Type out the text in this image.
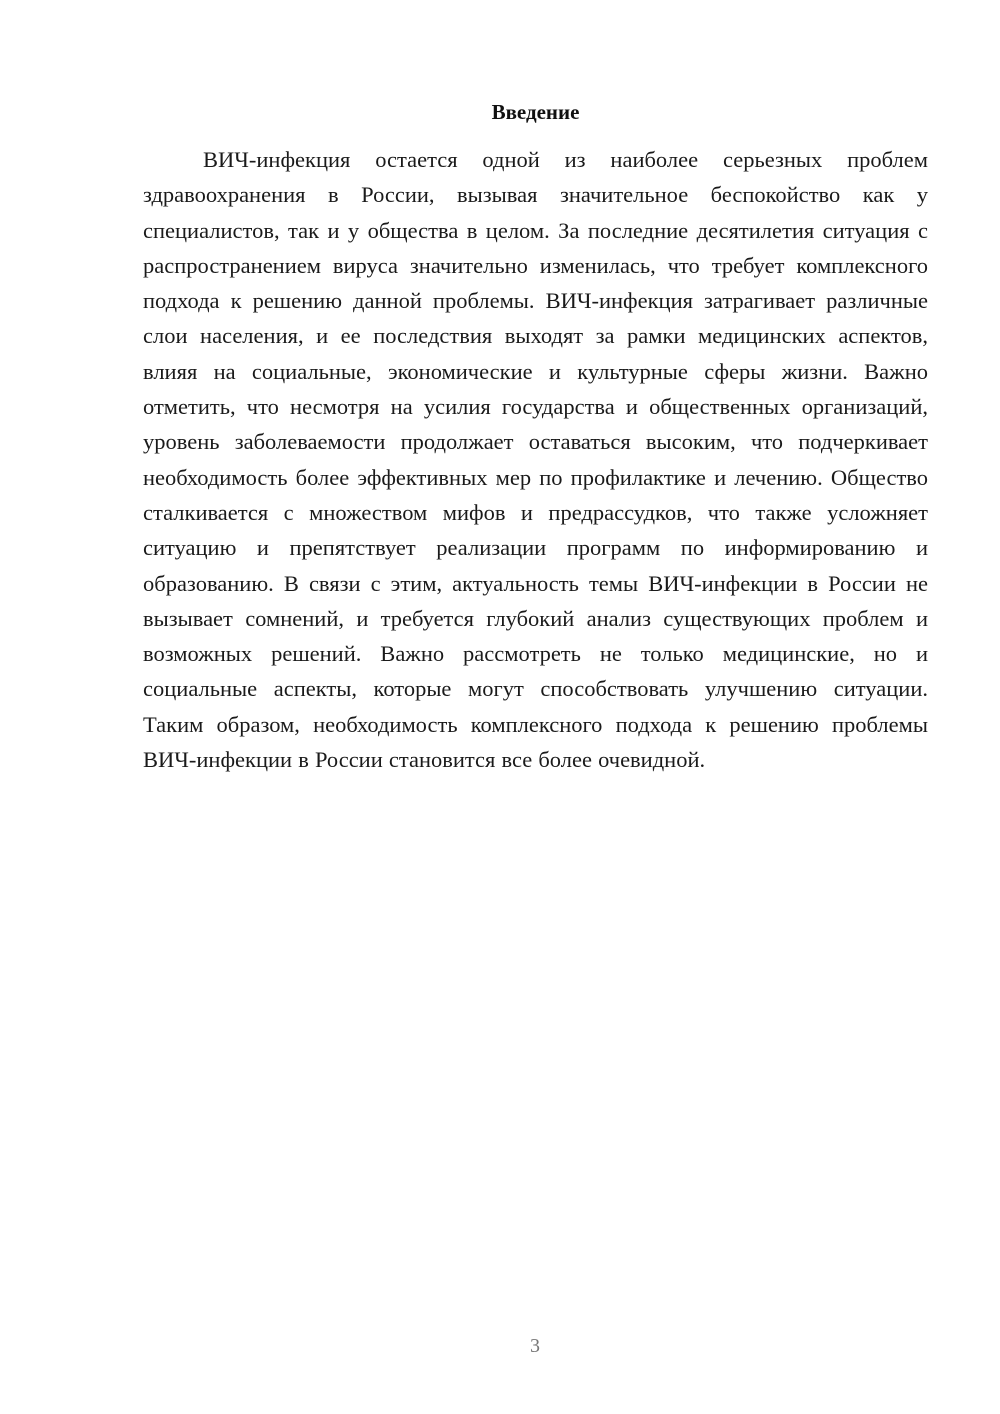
Введение

ВИЧ-инфекция остается одной из наиболее серьезных проблем здравоохранения в России, вызывая значительное беспокойство как у специалистов, так и у общества в целом. За последние десятилетия ситуация с распространением вируса значительно изменилась, что требует комплексного подхода к решению данной проблемы. ВИЧ-инфекция затрагивает различные слои населения, и ее последствия выходят за рамки медицинских аспектов, влияя на социальные, экономические и культурные сферы жизни. Важно отметить, что несмотря на усилия государства и общественных организаций, уровень заболеваемости продолжает оставаться высоким, что подчеркивает необходимость более эффективных мер по профилактике и лечению. Общество сталкивается с множеством мифов и предрассудков, что также усложняет ситуацию и препятствует реализации программ по информированию и образованию. В связи с этим, актуальность темы ВИЧ-инфекции в России не вызывает сомнений, и требуется глубокий анализ существующих проблем и возможных решений. Важно рассмотреть не только медицинские, но и социальные аспекты, которые могут способствовать улучшению ситуации. Таким образом, необходимость комплексного подхода к решению проблемы ВИЧ-инфекции в России становится все более очевидной.

3
